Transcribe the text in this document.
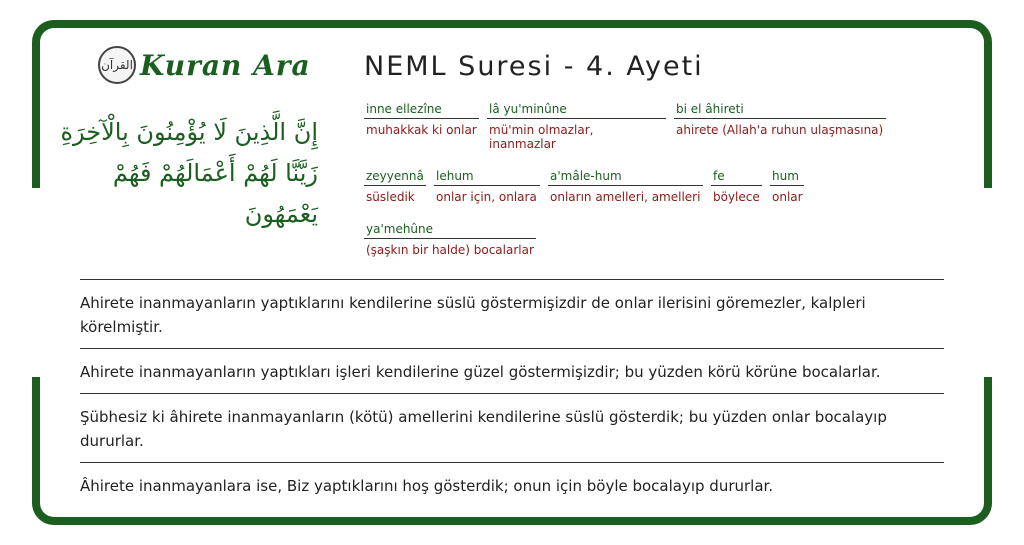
القرآن Kuran Ara
إِنَّ الَّذِينَ لَا يُؤْمِنُونَ بِالْآخِرَةِ زَيَّنَّا لَهُمْ أَعْمَالَهُمْ فَهُمْ يَعْمَهُونَ
NEML Suresi - 4. Ayeti
inne ellezîne
muhakkak ki onlar
lâ yu'minûne
mü'min olmazlar, inanmazlar
bi el âhireti
ahirete (Allah'a ruhun ulaşmasına)
zeyyennâ
süsledik
lehum
onlar için, onlara
a'mâle-hum
onların amelleri, amelleri
fe
böylece
hum
onlar
ya'mehûne
(şaşkın bir halde) bocalarlar
Ahirete inanmayanların yaptıklarını kendilerine süslü göstermişizdir de onlar ilerisini göremezler, kalpleri körelmiştir.
Ahirete inanmayanların yaptıkları işleri kendilerine güzel göstermişizdir; bu yüzden körü körüne bocalarlar.
Şübhesiz ki âhirete inanmayanların (kötü) amellerini kendilerine süslü gösterdik; bu yüzden onlar bocalayıp dururlar.
Âhirete inanmayanlara ise, Biz yaptıklarını hoş gösterdik; onun için böyle bocalayıp dururlar.
